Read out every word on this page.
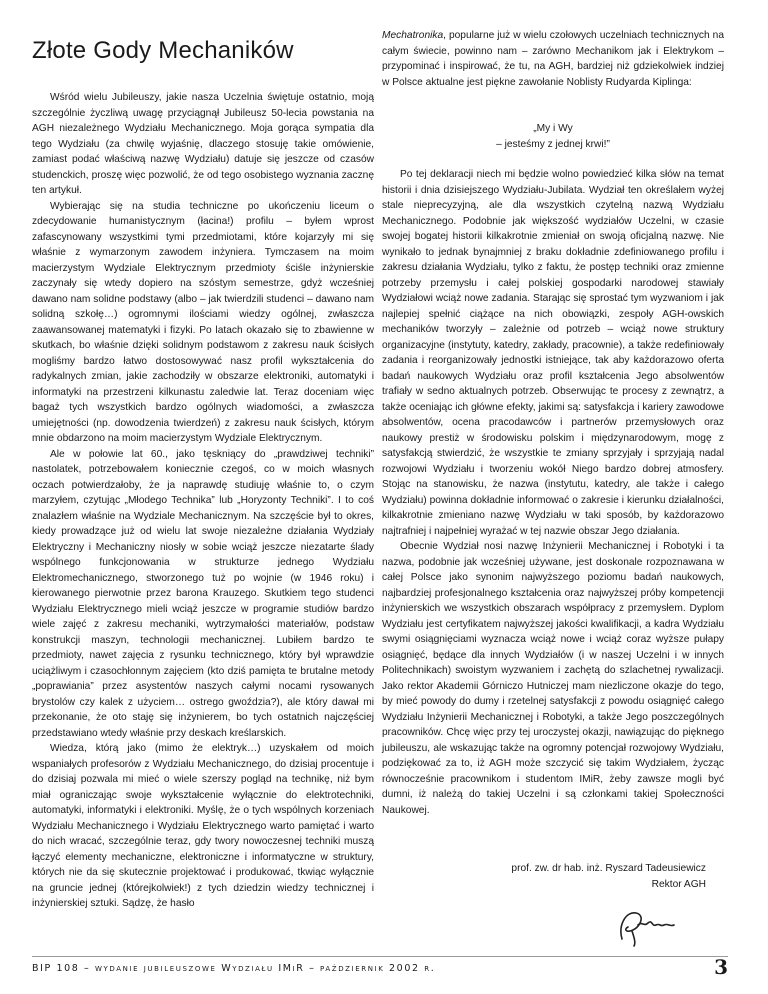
Złote Gody Mechaników

Wśród wielu Jubileuszy, jakie nasza Uczelnia świętuje ostatnio, moją szczególnie życzliwą uwagę przyciągnął Jubileusz 50-lecia powstania na AGH niezależnego Wydziału Mechanicznego. Moja gorąca sympatia dla tego Wydziału (za chwilę wyjaśnię, dlaczego stosuję takie omówienie, zamiast podać właściwą nazwę Wydziału) datuje się jeszcze od czasów studenckich, proszę więc pozwolić, że od tego osobistego wyznania zacznę ten artykuł.

Wybierając się na studia techniczne po ukończeniu liceum o zdecydowanie humanistycznym (łacina!) profilu – byłem wprost zafascynowany wszystkimi tymi przedmiotami, które kojarzyły mi się właśnie z wymarzonym zawodem inżyniera. Tymczasem na moim macierzystym Wydziale Elektrycznym przedmioty ściśle inżynierskie zaczynały się wtedy dopiero na szóstym semestrze, gdyż wcześniej dawano nam solidne podstawy (albo – jak twierdzili studenci – dawano nam solidną szkołę…) ogromnymi ilościami wiedzy ogólnej, zwłaszcza zaawansowanej matematyki i fizyki. Po latach okazało się to zbawienne w skutkach, bo właśnie dzięki solidnym podstawom z zakresu nauk ścisłych mogliśmy bardzo łatwo dostosowywać nasz profil wykształcenia do radykalnych zmian, jakie zachodziły w obszarze elektroniki, automatyki i informatyki na przestrzeni kilkunastu zaledwie lat. Teraz doceniam więc bagaż tych wszystkich bardzo ogólnych wiadomości, a zwłaszcza umiejętności (np. dowodzenia twierdzeń) z zakresu nauk ścisłych, którym mnie obdarzono na moim macierzystym Wydziale Elektrycznym.

Ale w połowie lat 60., jako tęskniący do „prawdziwej techniki” nastolatek, potrzebowałem koniecznie czegoś, co w moich własnych oczach potwierdzałoby, że ja naprawdę studiuję właśnie to, o czym marzyłem, czytując „Młodego Technika” lub „Horyzonty Techniki”. I to coś znalazłem właśnie na Wydziale Mechanicznym. Na szczęście był to okres, kiedy prowadzące już od wielu lat swoje niezależne działania Wydziały Elektryczny i Mechaniczny niosły w sobie wciąż jeszcze niezatarte ślady wspólnego funkcjonowania w strukturze jednego Wydziału Elektromechanicznego, stworzonego tuż po wojnie (w 1946 roku) i kierowanego pierwotnie przez barona Krauzego. Skutkiem tego studenci Wydziału Elektrycznego mieli wciąż jeszcze w programie studiów bardzo wiele zajęć z zakresu mechaniki, wytrzymałości materiałów, podstaw konstrukcji maszyn, technologii mechanicznej. Lubiłem bardzo te przedmioty, nawet zajęcia z rysunku technicznego, który był wprawdzie uciążliwym i czasochłonnym zajęciem (kto dziś pamięta te brutalne metody „poprawiania” przez asystentów naszych całymi nocami rysowanych brystolów czy kalek z użyciem… ostrego gwoździa?), ale który dawał mi przekonanie, że oto staję się inżynierem, bo tych ostatnich najczęściej przedstawiano wtedy właśnie przy deskach kreślarskich.

Wiedza, którą jako (mimo że elektryk…) uzyskałem od moich wspaniałych profesorów z Wydziału Mechanicznego, do dzisiaj procentuje i do dzisiaj pozwala mi mieć o wiele szerszy pogląd na technikę, niż bym miał ograniczając swoje wykształcenie wyłącznie do elektrotechniki, automatyki, informatyki i elektroniki. Myślę, że o tych wspólnych korzeniach Wydziału Mechanicznego i Wydziału Elektrycznego warto pamiętać i warto do nich wracać, szczególnie teraz, gdy twory nowoczesnej techniki muszą łączyć elementy mechaniczne, elektroniczne i informatyczne w struktury, których nie da się skutecznie projektować i produkować, tkwiąc wyłącznie na gruncie jednej (którejkolwiek!) z tych dziedzin wiedzy technicznej i inżynierskiej sztuki. Sądzę, że hasło

Mechatronika, popularne już w wielu czołowych uczelniach technicznych na całym świecie, powinno nam – zarówno Mechanikom jak i Elektrykom – przypominać i inspirować, że tu, na AGH, bardziej niż gdziekolwiek indziej w Polsce aktualne jest piękne zawołanie Noblisty Rudyarda Kiplinga:

„My i Wy
– jesteśmy z jednej krwi!”

Po tej deklaracji niech mi będzie wolno powiedzieć kilka słów na temat historii i dnia dzisiejszego Wydziału-Jubilata. Wydział ten określałem wyżej stale nieprecyzyjną, ale dla wszystkich czytelną nazwą Wydziału Mechanicznego. Podobnie jak większość wydziałów Uczelni, w czasie swojej bogatej historii kilkakrotnie zmieniał on swoją oficjalną nazwę. Nie wynikało to jednak bynajmniej z braku dokładnie zdefiniowanego profilu i zakresu działania Wydziału, tylko z faktu, że postęp techniki oraz zmienne potrzeby przemysłu i całej polskiej gospodarki narodowej stawiały Wydziałowi wciąż nowe zadania. Starając się sprostać tym wyzwaniom i jak najlepiej spełnić ciążące na nich obowiązki, zespoły AGH-owskich mechaników tworzyły – zależnie od potrzeb – wciąż nowe struktury organizacyjne (instytuty, katedry, zakłady, pracownie), a także redefiniowały zadania i reorganizowały jednostki istniejące, tak aby każdorazowo oferta badań naukowych Wydziału oraz profil kształcenia Jego absolwentów trafiały w sedno aktualnych potrzeb. Obserwując te procesy z zewnątrz, a także oceniając ich główne efekty, jakimi są: satysfakcja i kariery zawodowe absolwentów, ocena pracodawców i partnerów przemysłowych oraz naukowy prestiż w środowisku polskim i międzynarodowym, mogę z satysfakcją stwierdzić, że wszystkie te zmiany sprzyjały i sprzyjają nadal rozwojowi Wydziału i tworzeniu wokół Niego bardzo dobrej atmosfery. Stojąc na stanowisku, że nazwa (instytutu, katedry, ale także i całego Wydziału) powinna dokładnie informować o zakresie i kierunku działalności, kilkakrotnie zmieniano nazwę Wydziału w taki sposób, by każdorazowo najtrafniej i najpełniej wyrażać w tej nazwie obszar Jego działania.

Obecnie Wydział nosi nazwę Inżynierii Mechanicznej i Robotyki i ta nazwa, podobnie jak wcześniej używane, jest doskonale rozpoznawana w całej Polsce jako synonim najwyższego poziomu badań naukowych, najbardziej profesjonalnego kształcenia oraz najwyższej próby kompetencji inżynierskich we wszystkich obszarach współpracy z przemysłem. Dyplom Wydziału jest certyfikatem najwyższej jakości kwalifikacji, a kadra Wydziału swymi osiągnięciami wyznacza wciąż nowe i wciąż coraz wyższe pułapy osiągnięć, będące dla innych Wydziałów (i w naszej Uczelni i w innych Politechnikach) swoistym wyzwaniem i zachętą do szlachetnej rywalizacji. Jako rektor Akademii Górniczo Hutniczej mam niezliczone okazje do tego, by mieć powody do dumy i rzetelnej satysfakcji z powodu osiągnięć całego Wydziału Inżynierii Mechanicznej i Robotyki, a także Jego poszczególnych pracowników. Chcę więc przy tej uroczystej okazji, nawiązując do pięknego jubileuszu, ale wskazując także na ogromny potencjał rozwojowy Wydziału, podziękować za to, iż AGH może szczycić się takim Wydziałem, życząc równocześnie pracownikom i studentom IMiR, żeby zawsze mogli być dumni, iż należą do takiej Uczelni i są członkami takiej Społeczności Naukowej.

prof. zw. dr hab. inż. Ryszard Tadeusiewicz
Rektor AGH
BIP 108 – wydanie jubileuszowe Wydziału IMiR – październik 2002 r.	3
